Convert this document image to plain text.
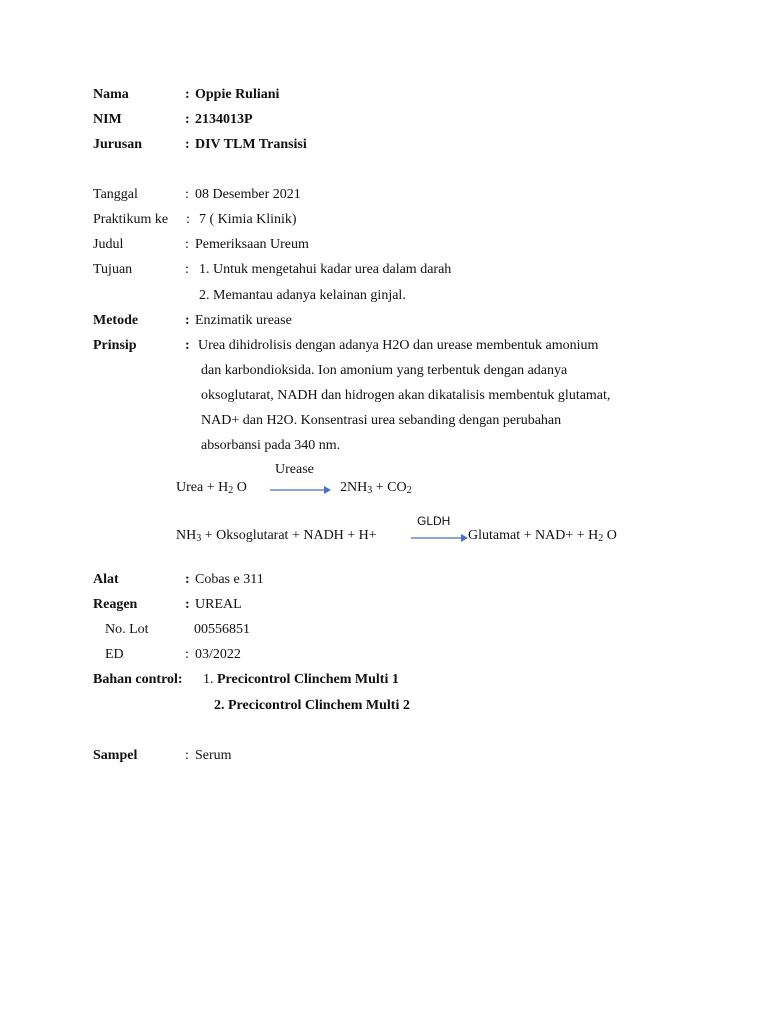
Nama	: Oppie Ruliani
NIM	: 2134013P
Jurusan	: DIV TLM Transisi
Tanggal	: 08 Desember 2021
Praktikum ke : 7 ( Kimia Klinik)
Judul	: Pemeriksaan Ureum
Tujuan	: 1. Untuk mengetahui kadar urea dalam darah
2. Memantau adanya kelainan ginjal.
Metode	: Enzimatik urease
Prinsip	: Urea dihidrolisis dengan adanya H2O dan urease membentuk amonium
dan karbondioksida. Ion amonium yang terbentuk dengan adanya
oksoglutarat, NADH dan hidrogen akan dikatalisis membentuk glutamat,
NAD+ dan H2O. Konsentrasi urea sebanding dengan perubahan
absorbansi pada 340 nm.
Urease
Urea + $H_2$ O	$2NH_3 + CO_2$
GLDH
$NH_3$ + Oksoglutarat + NADH + H+	Glutamat + $NAD+ + H_2$ O
Alat	: Cobas e 311
Reagen	: UREAL
No. Lot	00556851
ED	: 03/2022
Bahan control: 1. Precicontrol Clinchem Multi 1
2. Precicontrol Clinchem Multi 2
Sampel	: Serum
